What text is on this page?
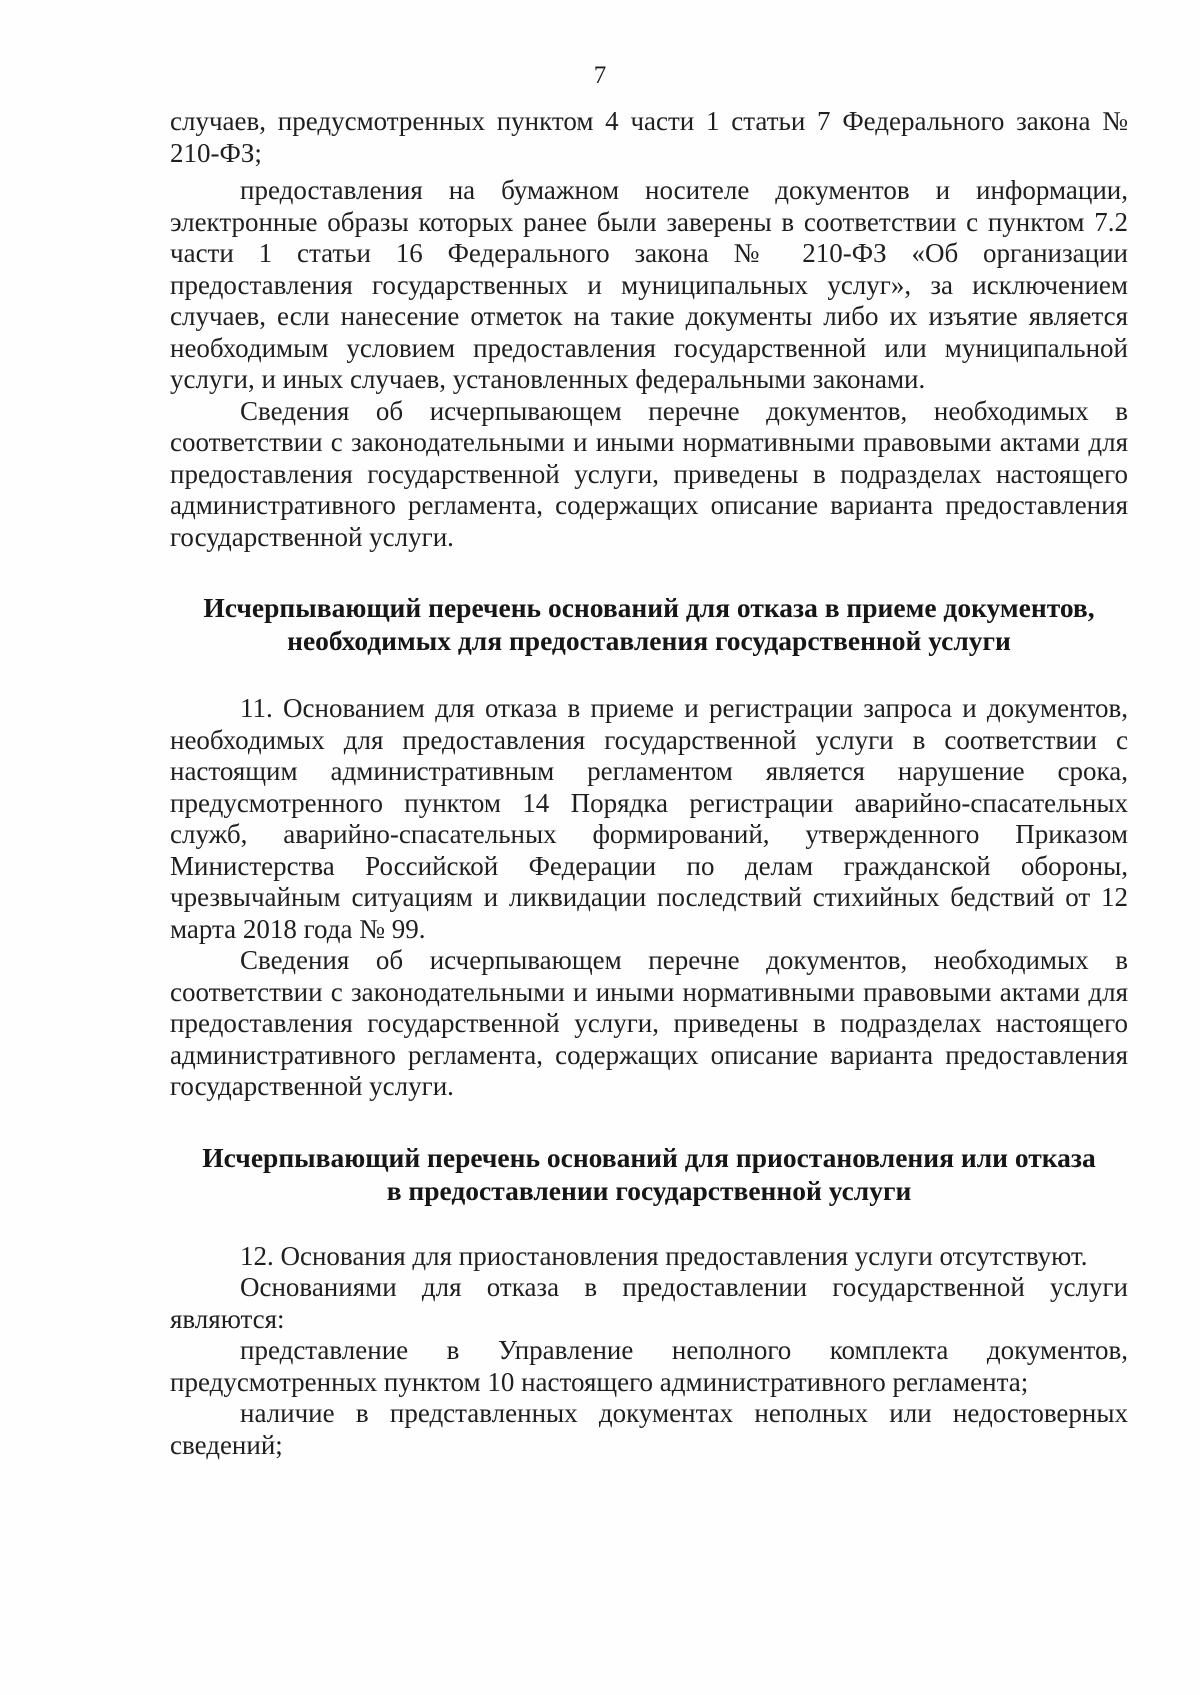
7

случаев, предусмотренных пунктом 4 части 1 статьи 7 Федерального закона № 210-ФЗ;

предоставления на бумажном носителе документов и информации, электронные образы которых ранее были заверены в соответствии с пунктом 7.2 части 1 статьи 16 Федерального закона № 210-ФЗ «Об организации предоставления государственных и муниципальных услуг», за исключением случаев, если нанесение отметок на такие документы либо их изъятие является необходимым условием предоставления государственной или муниципальной услуги, и иных случаев, установленных федеральными законами.

Сведения об исчерпывающем перечне документов, необходимых в соответствии с законодательными и иными нормативными правовыми актами для предоставления государственной услуги, приведены в подразделах настоящего административного регламента, содержащих описание варианта предоставления государственной услуги.

Исчерпывающий перечень оснований для отказа в приеме документов,
необходимых для предоставления государственной услуги

11. Основанием для отказа в приеме и регистрации запроса и документов, необходимых для предоставления государственной услуги в соответствии с настоящим административным регламентом является нарушение срока, предусмотренного пунктом 14 Порядка регистрации аварийно-спасательных служб, аварийно-спасательных формирований, утвержденного Приказом Министерства Российской Федерации по делам гражданской обороны, чрезвычайным ситуациям и ликвидации последствий стихийных бедствий от 12 марта 2018 года № 99.

Сведения об исчерпывающем перечне документов, необходимых в соответствии с законодательными и иными нормативными правовыми актами для предоставления государственной услуги, приведены в подразделах настоящего административного регламента, содержащих описание варианта предоставления государственной услуги.

Исчерпывающий перечень оснований для приостановления или отказа
в предоставлении государственной услуги

12. Основания для приостановления предоставления услуги отсутствуют.

Основаниями для отказа в предоставлении государственной услуги являются:

представление в Управление неполного комплекта документов, предусмотренных пунктом 10 настоящего административного регламента;

наличие в представленных документах неполных или недостоверных сведений;
